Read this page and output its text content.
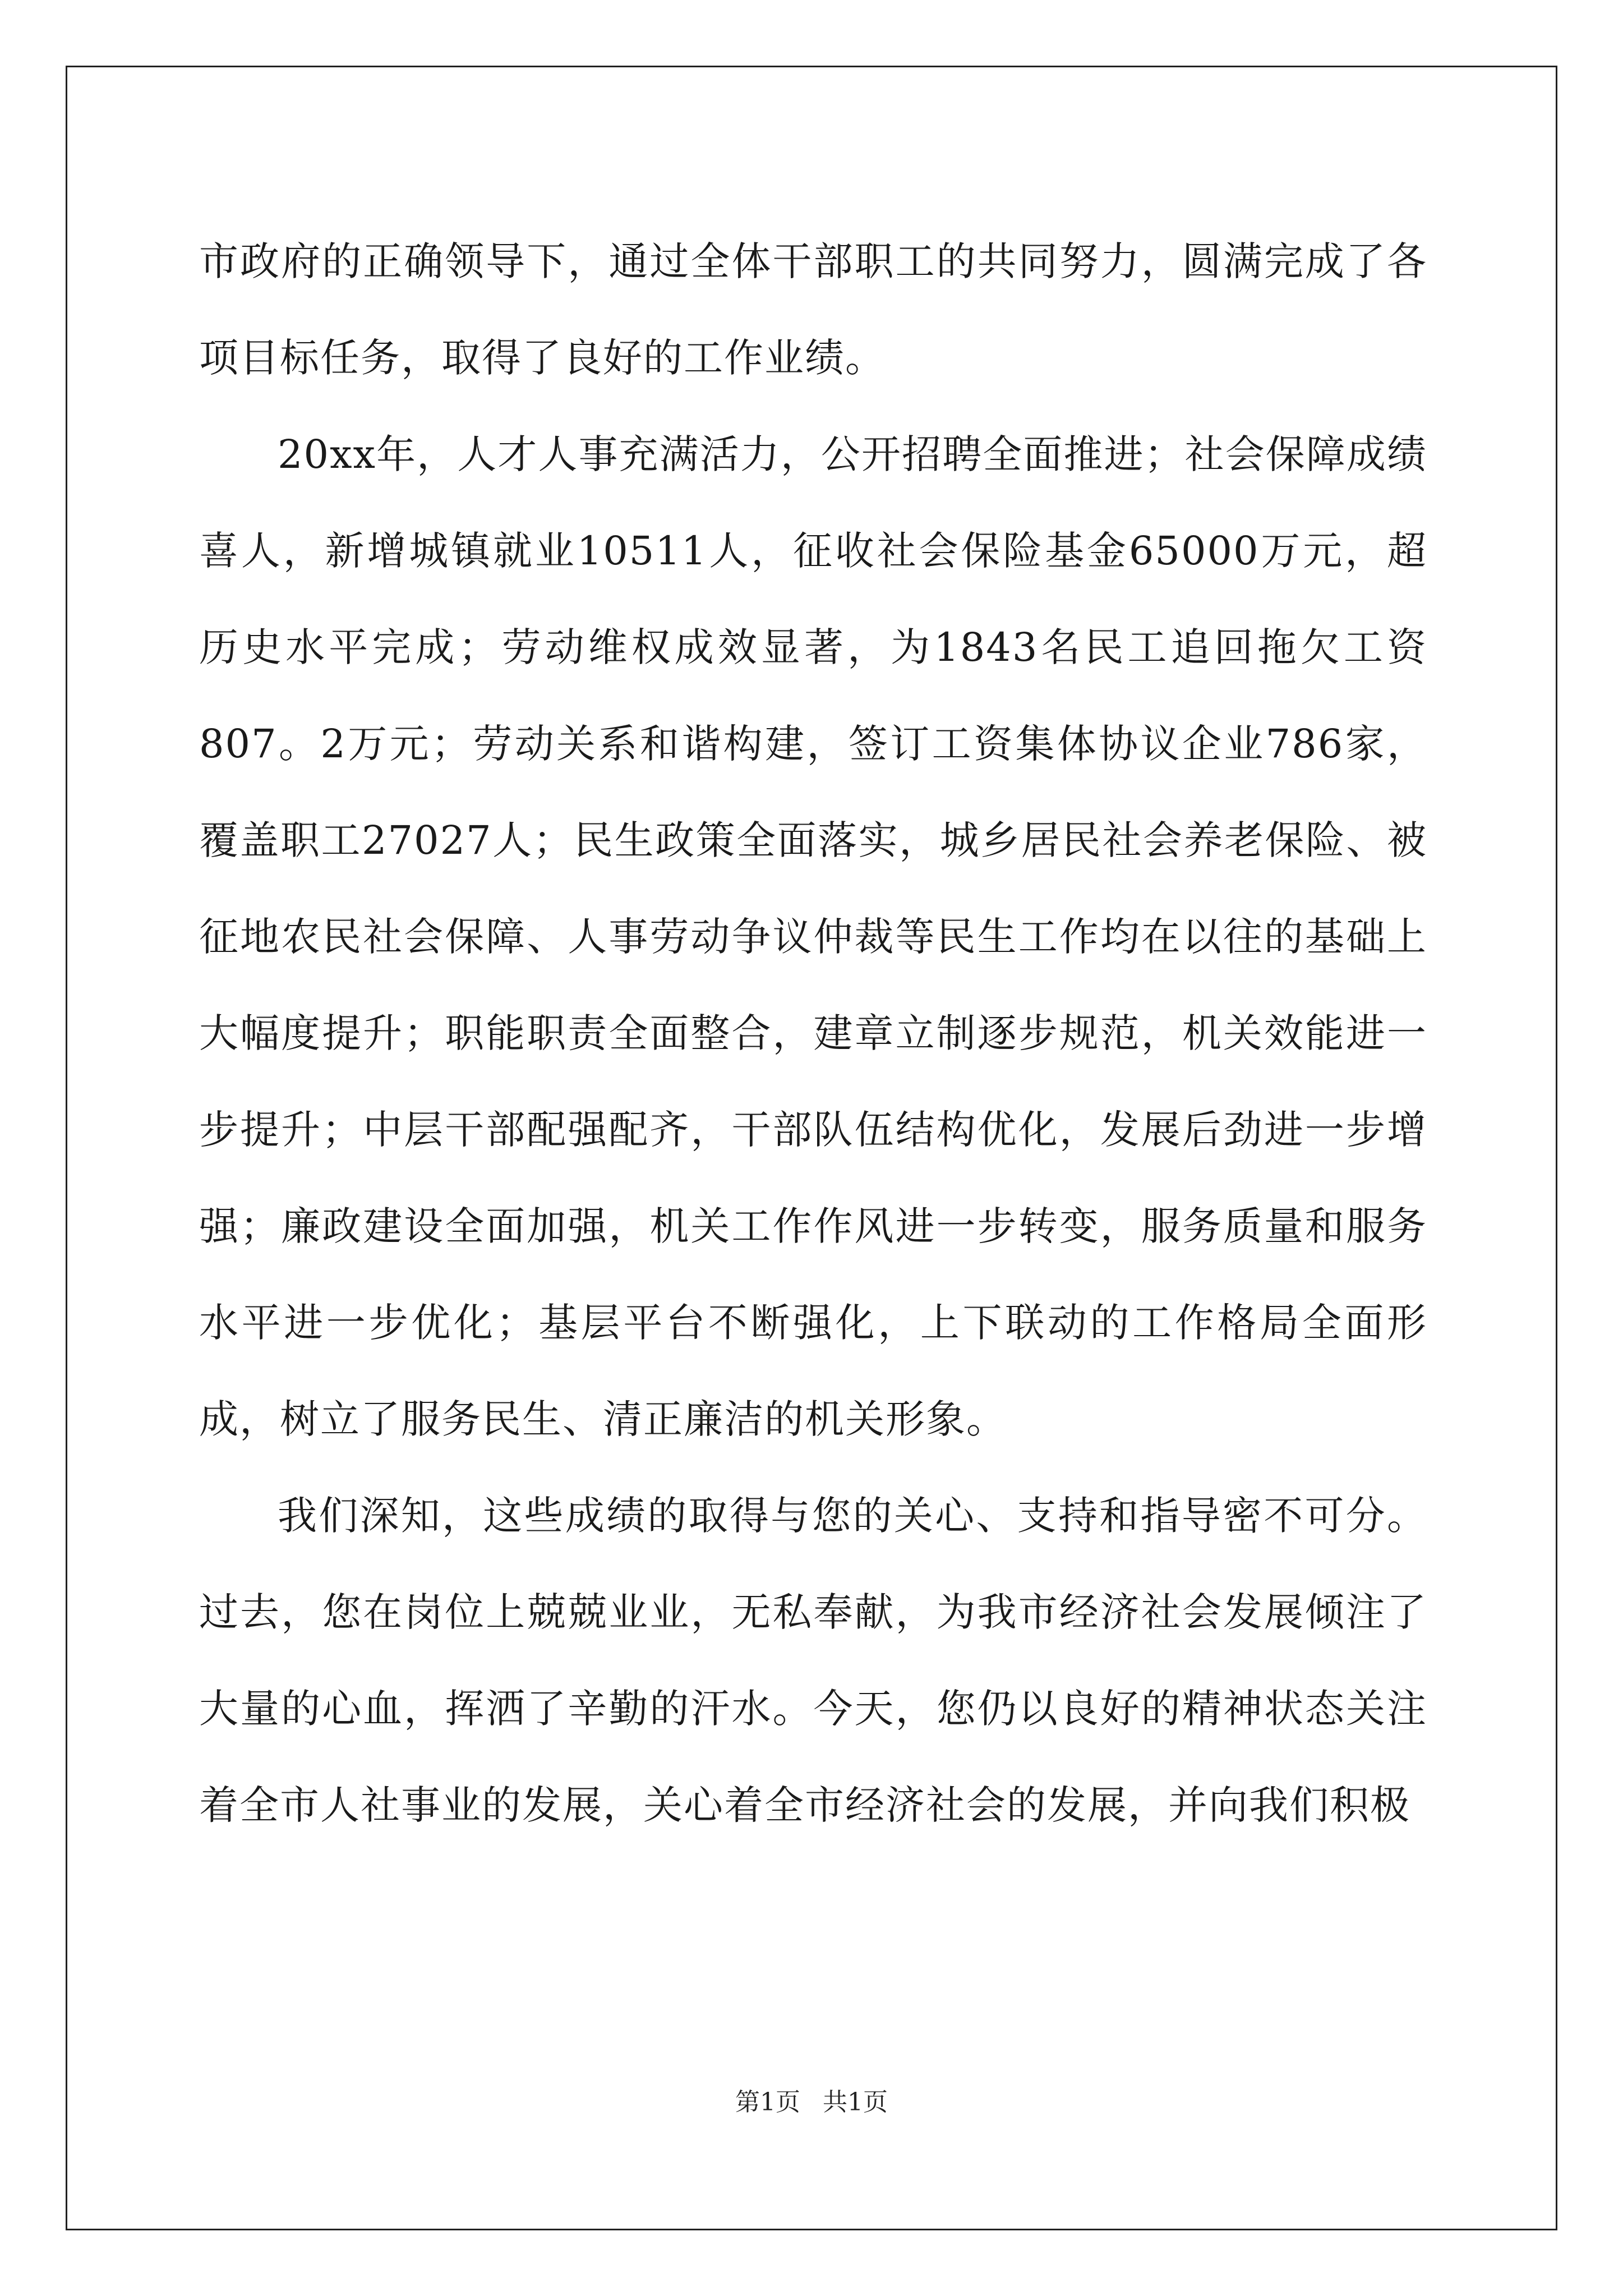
市政府的正确领导下，通过全体干部职工的共同努力，圆满完成了各项目标任务，取得了良好的工作业绩。

20xx年，人才人事充满活力，公开招聘全面推进；社会保障成绩喜人，新增城镇就业10511人，征收社会保险基金65000万元，超历史水平完成；劳动维权成效显著，为1843名民工追回拖欠工资807。2万元；劳动关系和谐构建，签订工资集体协议企业786家，覆盖职工27027人；民生政策全面落实，城乡居民社会养老保险、被征地农民社会保障、人事劳动争议仲裁等民生工作均在以往的基础上大幅度提升；职能职责全面整合，建章立制逐步规范，机关效能进一步提升；中层干部配强配齐，干部队伍结构优化，发展后劲进一步增强；廉政建设全面加强，机关工作作风进一步转变，服务质量和服务水平进一步优化；基层平台不断强化，上下联动的工作格局全面形成，树立了服务民生、清正廉洁的机关形象。

我们深知，这些成绩的取得与您的关心、支持和指导密不可分。过去，您在岗位上兢兢业业，无私奉献，为我市经济社会发展倾注了大量的心血，挥洒了辛勤的汗水。今天，您仍以良好的精神状态关注着全市人社事业的发展，关心着全市经济社会的发展，并向我们积极

第1页 共1页
